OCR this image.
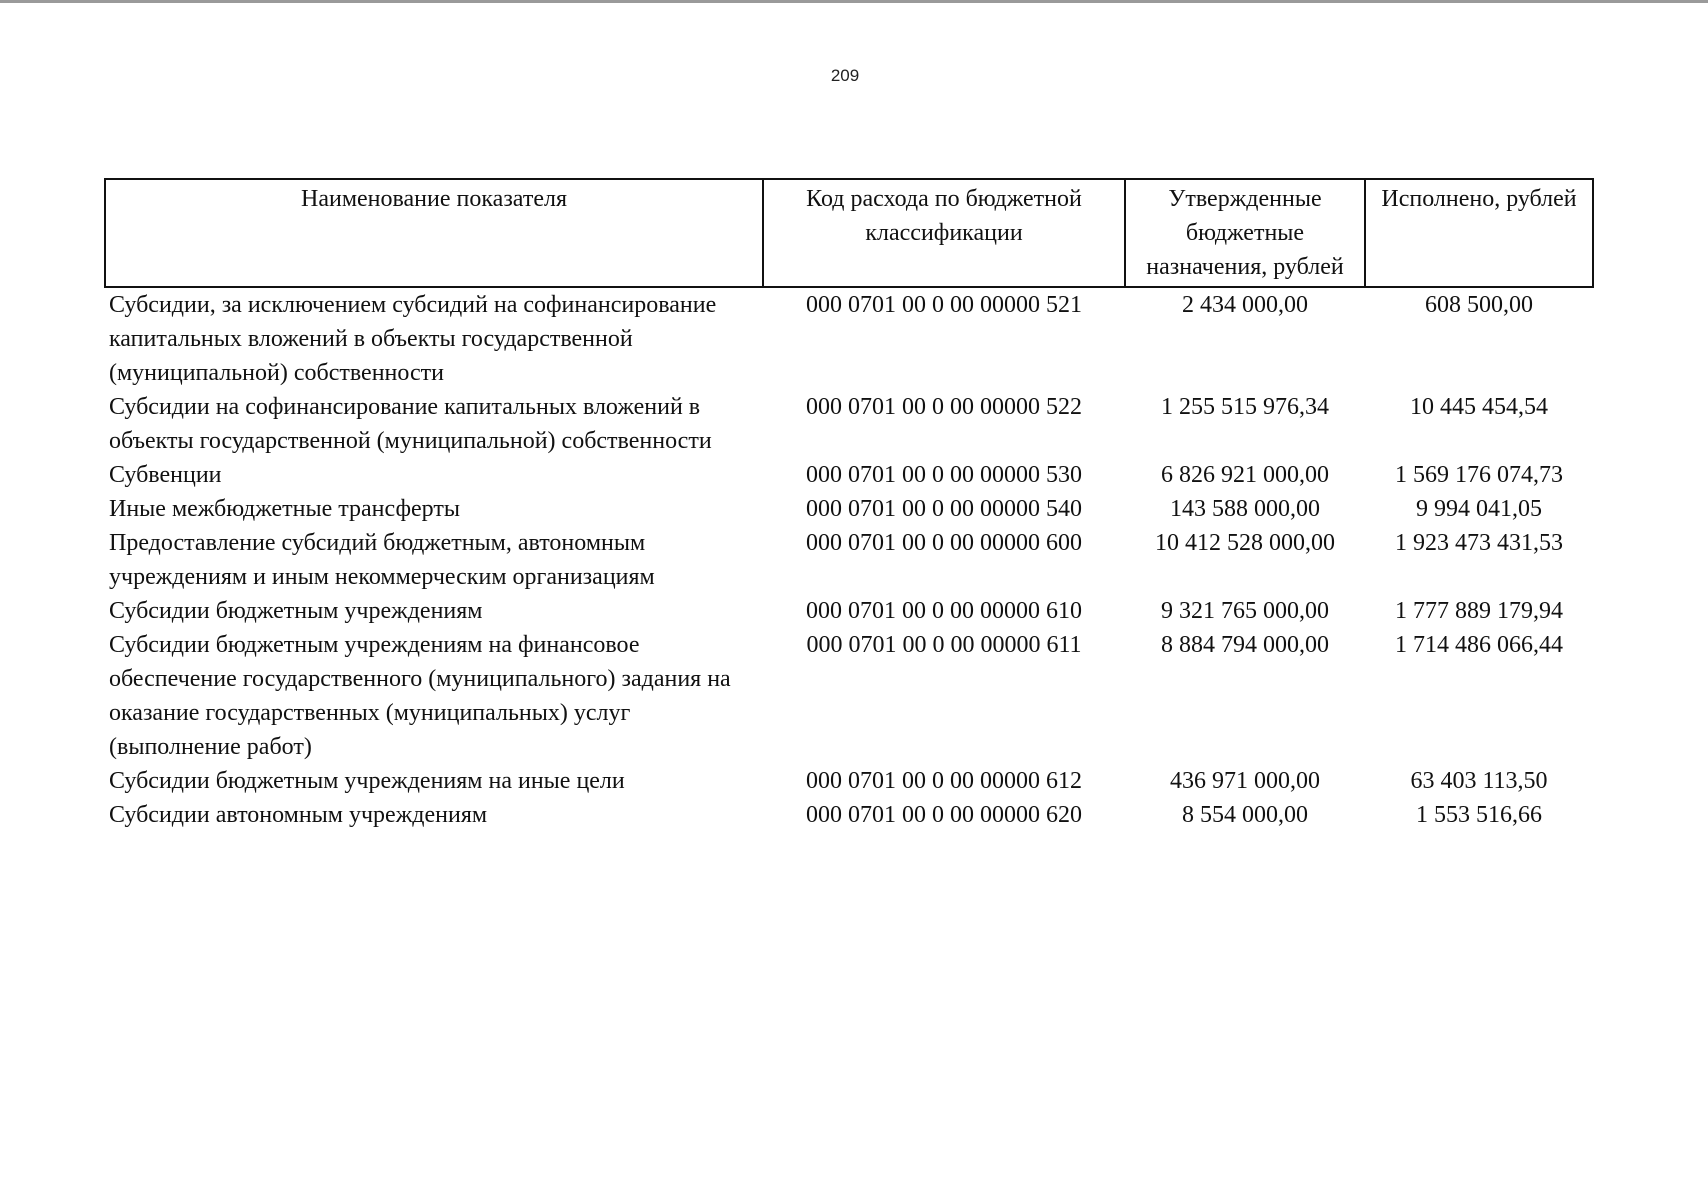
209
Наименование показателя	Код расхода по бюджетной классификации	Утвержденные бюджетные назначения, рублей	Исполнено, рублей
Субсидии, за исключением субсидий на софинансирование капитальных вложений в объекты государственной (муниципальной) собственности	000 0701 00 0 00 00000 521	2 434 000,00	608 500,00
Субсидии на софинансирование капитальных вложений в объекты государственной (муниципальной) собственности	000 0701 00 0 00 00000 522	1 255 515 976,34	10 445 454,54
Субвенции	000 0701 00 0 00 00000 530	6 826 921 000,00	1 569 176 074,73
Иные межбюджетные трансферты	000 0701 00 0 00 00000 540	143 588 000,00	9 994 041,05
Предоставление субсидий бюджетным, автономным учреждениям и иным некоммерческим организациям	000 0701 00 0 00 00000 600	10 412 528 000,00	1 923 473 431,53
Субсидии бюджетным учреждениям	000 0701 00 0 00 00000 610	9 321 765 000,00	1 777 889 179,94
Субсидии бюджетным учреждениям на финансовое обеспечение государственного (муниципального) задания на оказание государственных (муниципальных) услуг (выполнение работ)	000 0701 00 0 00 00000 611	8 884 794 000,00	1 714 486 066,44
Субсидии бюджетным учреждениям на иные цели	000 0701 00 0 00 00000 612	436 971 000,00	63 403 113,50
Субсидии автономным учреждениям	000 0701 00 0 00 00000 620	8 554 000,00	1 553 516,66
